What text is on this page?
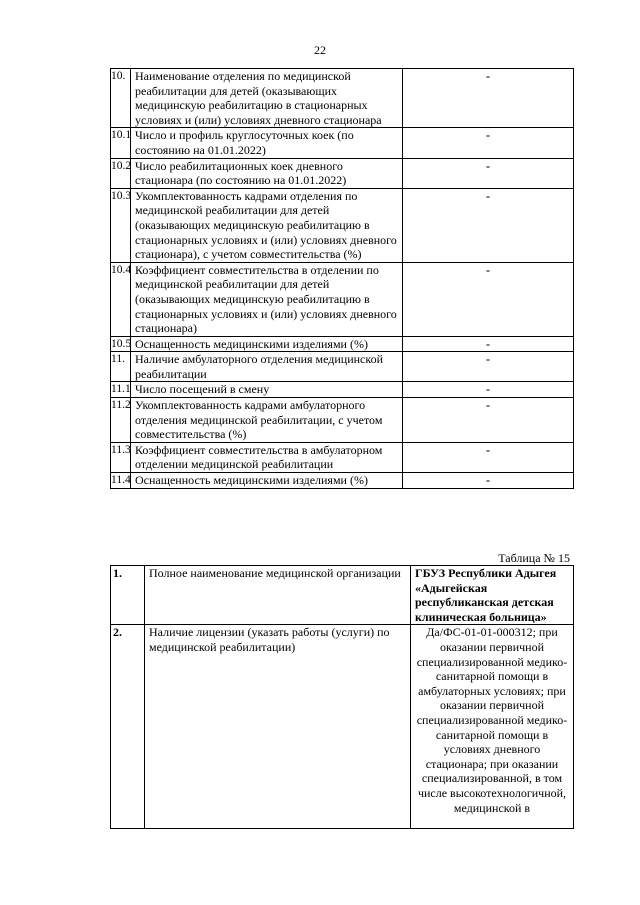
22
10.	Наименование отделения по медицинской реабилитации для детей (оказывающих медицинскую реабилитацию в стационарных условиях и (или) условиях дневного стационара	-
10.1	Число и профиль круглосуточных коек (по состоянию на 01.01.2022)	-
10.2	Число реабилитационных коек дневного стационара (по состоянию на 01.01.2022)	-
10.3	Укомплектованность кадрами отделения по медицинской реабилитации для детей (оказывающих медицинскую реабилитацию в стационарных условиях и (или) условиях дневного стационара), с учетом совместительства (%)	-
10.4	Коэффициент совместительства в отделении по медицинской реабилитации для детей (оказывающих медицинскую реабилитацию в стационарных условиях и (или) условиях дневного стационара)	-
10.5	Оснащенность медицинскими изделиями (%)	-
11.	Наличие амбулаторного отделения медицинской реабилитации	-
11.1	Число посещений в смену	-
11.2	Укомплектованность кадрами амбулаторного отделения медицинской реабилитации, с учетом совместительства (%)	-
11.3	Коэффициент совместительства в амбулаторном отделении медицинской реабилитации	-
11.4	Оснащенность медицинскими изделиями (%)	-
Таблица № 15
1.	Полное наименование медицинской организации	ГБУЗ Республики Адыгея «Адыгейская республиканская детская клиническая больница»
2.	Наличие лицензии (указать работы (услуги) по медицинской реабилитации)	Да/ФС-01-01-000312; при оказании первичной специализированной медико-санитарной помощи в амбулаторных условиях; при оказании первичной специализированной медико-санитарной помощи в условиях дневного стационара; при оказании специализированной, в том числе высокотехнологичной, медицинской в
